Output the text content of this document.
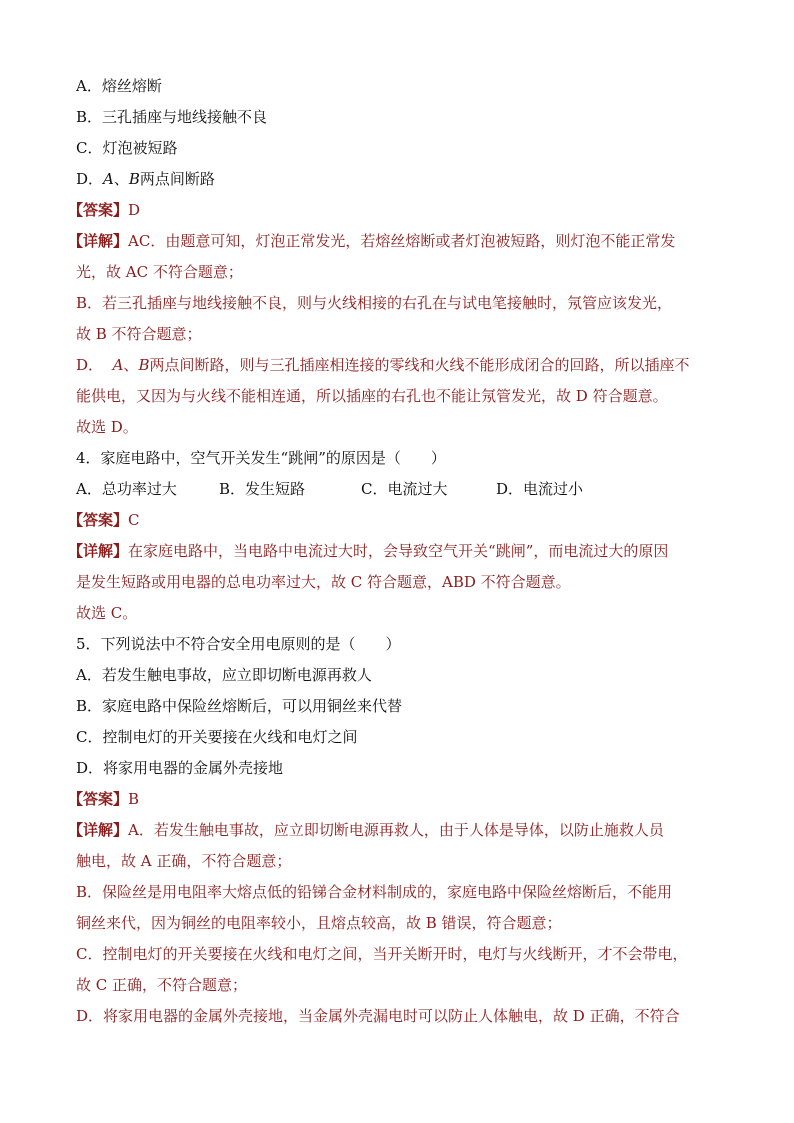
A．熔丝熔断
B．三孔插座与地线接触不良
C．灯泡被短路
D．A、B两点间断路
【答案】D
【详解】AC．由题意可知，灯泡正常发光，若熔丝熔断或者灯泡被短路，则灯泡不能正常发
光，故 AC 不符合题意；
B．若三孔插座与地线接触不良，则与火线相接的右孔在与试电笔接触时，氖管应该发光，
故 B 不符合题意；
D．  A、B两点间断路，则与三孔插座相连接的零线和火线不能形成闭合的回路，所以插座不
能供电，又因为与火线不能相连通，所以插座的右孔也不能让氖管发光，故 D 符合题意。
故选 D。
4．家庭电路中，空气开关发生“跳闸”的原因是（　　）
A．总功率过大	B．发生短路	C．电流过大	D．电流过小
【答案】C
【详解】在家庭电路中，当电路中电流过大时，会导致空气开关“跳闸”，而电流过大的原因
是发生短路或用电器的总电功率过大，故 C 符合题意，ABD 不符合题意。
故选 C。
5．下列说法中不符合安全用电原则的是（　　）
A．若发生触电事故，应立即切断电源再救人
B．家庭电路中保险丝熔断后，可以用铜丝来代替
C．控制电灯的开关要接在火线和电灯之间
D．将家用电器的金属外壳接地
【答案】B
【详解】A．若发生触电事故，应立即切断电源再救人，由于人体是导体，以防止施救人员
触电，故 A 正确，不符合题意；
B．保险丝是用电阻率大熔点低的铅锑合金材料制成的，家庭电路中保险丝熔断后，不能用
铜丝来代，因为铜丝的电阻率较小，且熔点较高，故 B 错误，符合题意；
C．控制电灯的开关要接在火线和电灯之间，当开关断开时，电灯与火线断开，才不会带电，
故 C 正确，不符合题意；
D．将家用电器的金属外壳接地，当金属外壳漏电时可以防止人体触电，故 D 正确，不符合
